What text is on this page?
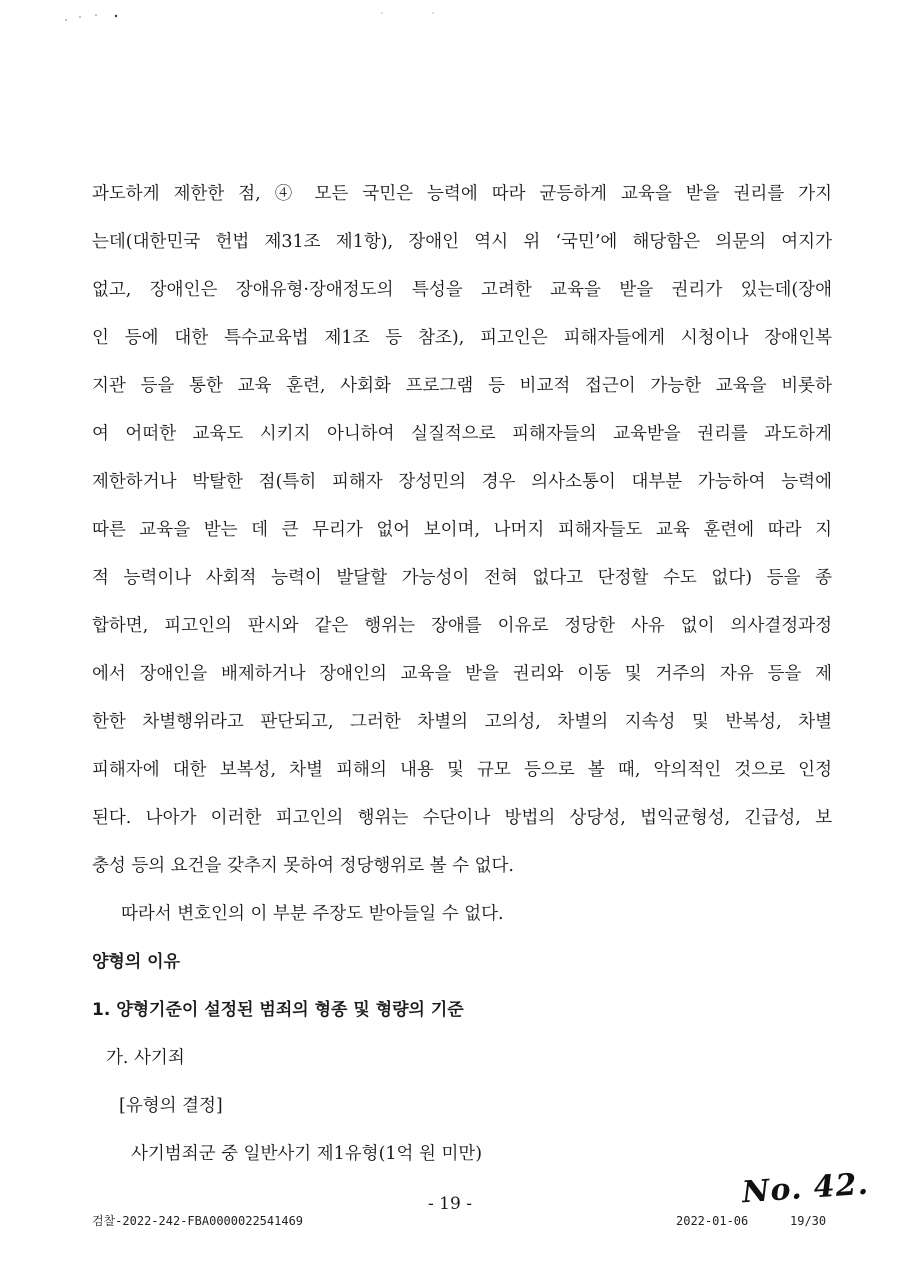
과도하게 제한한 점, ④ 모든 국민은 능력에 따라 균등하게 교육을 받을 권리를 가지
는데(대한민국 헌법 제31조 제1항), 장애인 역시 위 ‘국민’에 해당함은 의문의 여지가
없고, 장애인은 장애유형·장애정도의 특성을 고려한 교육을 받을 권리가 있는데(장애
인 등에 대한 특수교육법 제1조 등 참조), 피고인은 피해자들에게 시청이나 장애인복
지관 등을 통한 교육 훈련, 사회화 프로그램 등 비교적 접근이 가능한 교육을 비롯하
여 어떠한 교육도 시키지 아니하여 실질적으로 피해자들의 교육받을 권리를 과도하게
제한하거나 박탈한 점(특히 피해자 장성민의 경우 의사소통이 대부분 가능하여 능력에
따른 교육을 받는 데 큰 무리가 없어 보이며, 나머지 피해자들도 교육 훈련에 따라 지
적 능력이나 사회적 능력이 발달할 가능성이 전혀 없다고 단정할 수도 없다) 등을 종
합하면, 피고인의 판시와 같은 행위는 장애를 이유로 정당한 사유 없이 의사결정과정
에서 장애인을 배제하거나 장애인의 교육을 받을 권리와 이동 및 거주의 자유 등을 제
한한 차별행위라고 판단되고, 그러한 차별의 고의성, 차별의 지속성 및 반복성, 차별
피해자에 대한 보복성, 차별 피해의 내용 및 규모 등으로 볼 때, 악의적인 것으로 인정
된다. 나아가 이러한 피고인의 행위는 수단이나 방법의 상당성, 법익균형성, 긴급성, 보
충성 등의 요건을 갖추지 못하여 정당행위로 볼 수 없다.
따라서 변호인의 이 부분 주장도 받아들일 수 없다.
양형의 이유
1. 양형기준이 설정된 범죄의 형종 및 형량의 기준
가. 사기죄
[유형의 결정]
사기범죄군 중 일반사기 제1유형(1억 원 미만)
- 19 -	No. 42.
검찰-2022-242-FBA0000022541469	2022-01-06	19/30
